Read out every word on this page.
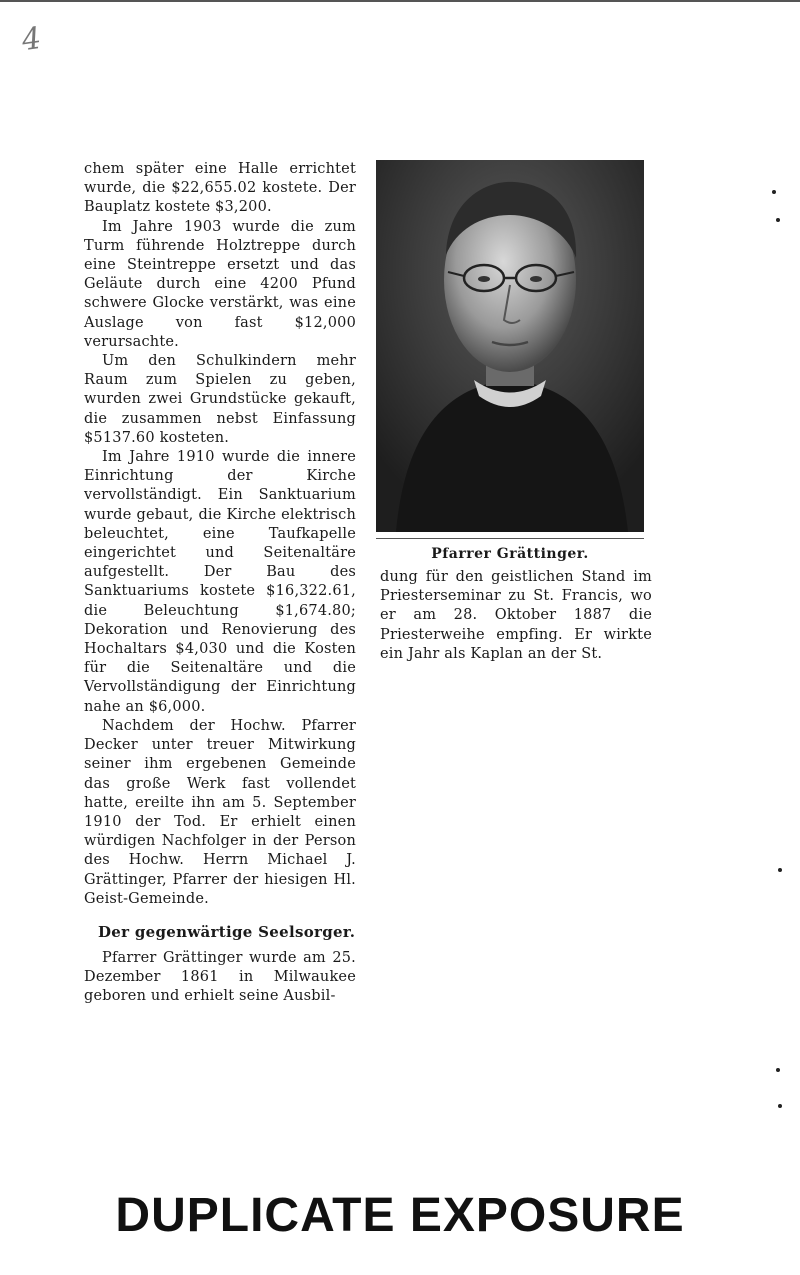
4

chem später eine Halle errichtet wurde, die $22,655.02 kostete. Der Bauplatz kostete $3,200.

Im Jahre 1903 wurde die zum Turm führende Holztreppe durch eine Steintreppe ersetzt und das Geläute durch eine 4200 Pfund schwere Glocke verstärkt, was eine Auslage von fast $12,000 verursachte.

Um den Schulkindern mehr Raum zum Spielen zu geben, wurden zwei Grundstücke gekauft, die zusammen nebst Einfassung $5137.60 kosteten.

Im Jahre 1910 wurde die innere Einrichtung der Kirche vervollständigt. Ein Sanktuarium wurde gebaut, die Kirche elektrisch beleuchtet, eine Taufkapelle eingerichtet und Seitenaltäre aufgestellt. Der Bau des Sanktuariums kostete $16,322.61, die Beleuchtung $1,674.80; Dekoration und Renovierung des Hochaltars $4,030 und die Kosten für die Seitenaltäre und die Vervollständigung der Einrichtung nahe an $6,000.

Nachdem der Hochw. Pfarrer Decker unter treuer Mitwirkung seiner ihm ergebenen Gemeinde das große Werk fast vollendet hatte, ereilte ihn am 5. September 1910 der Tod. Er erhielt einen würdigen Nachfolger in der Person des Hochw. Herrn Michael J. Grättinger, Pfarrer der hiesigen Hl. Geist-Gemeinde.

Der gegenwärtige Seelsorger.

Pfarrer Grättinger wurde am 25. Dezember 1861 in Milwaukee geboren und erhielt seine Ausbil-

Pfarrer Grättinger.

dung für den geistlichen Stand im Priesterseminar zu St. Francis, wo er am 28. Oktober 1887 die Priesterweihe empfing. Er wirkte ein Jahr als Kaplan an der St.

DUPLICATE EXPOSURE
